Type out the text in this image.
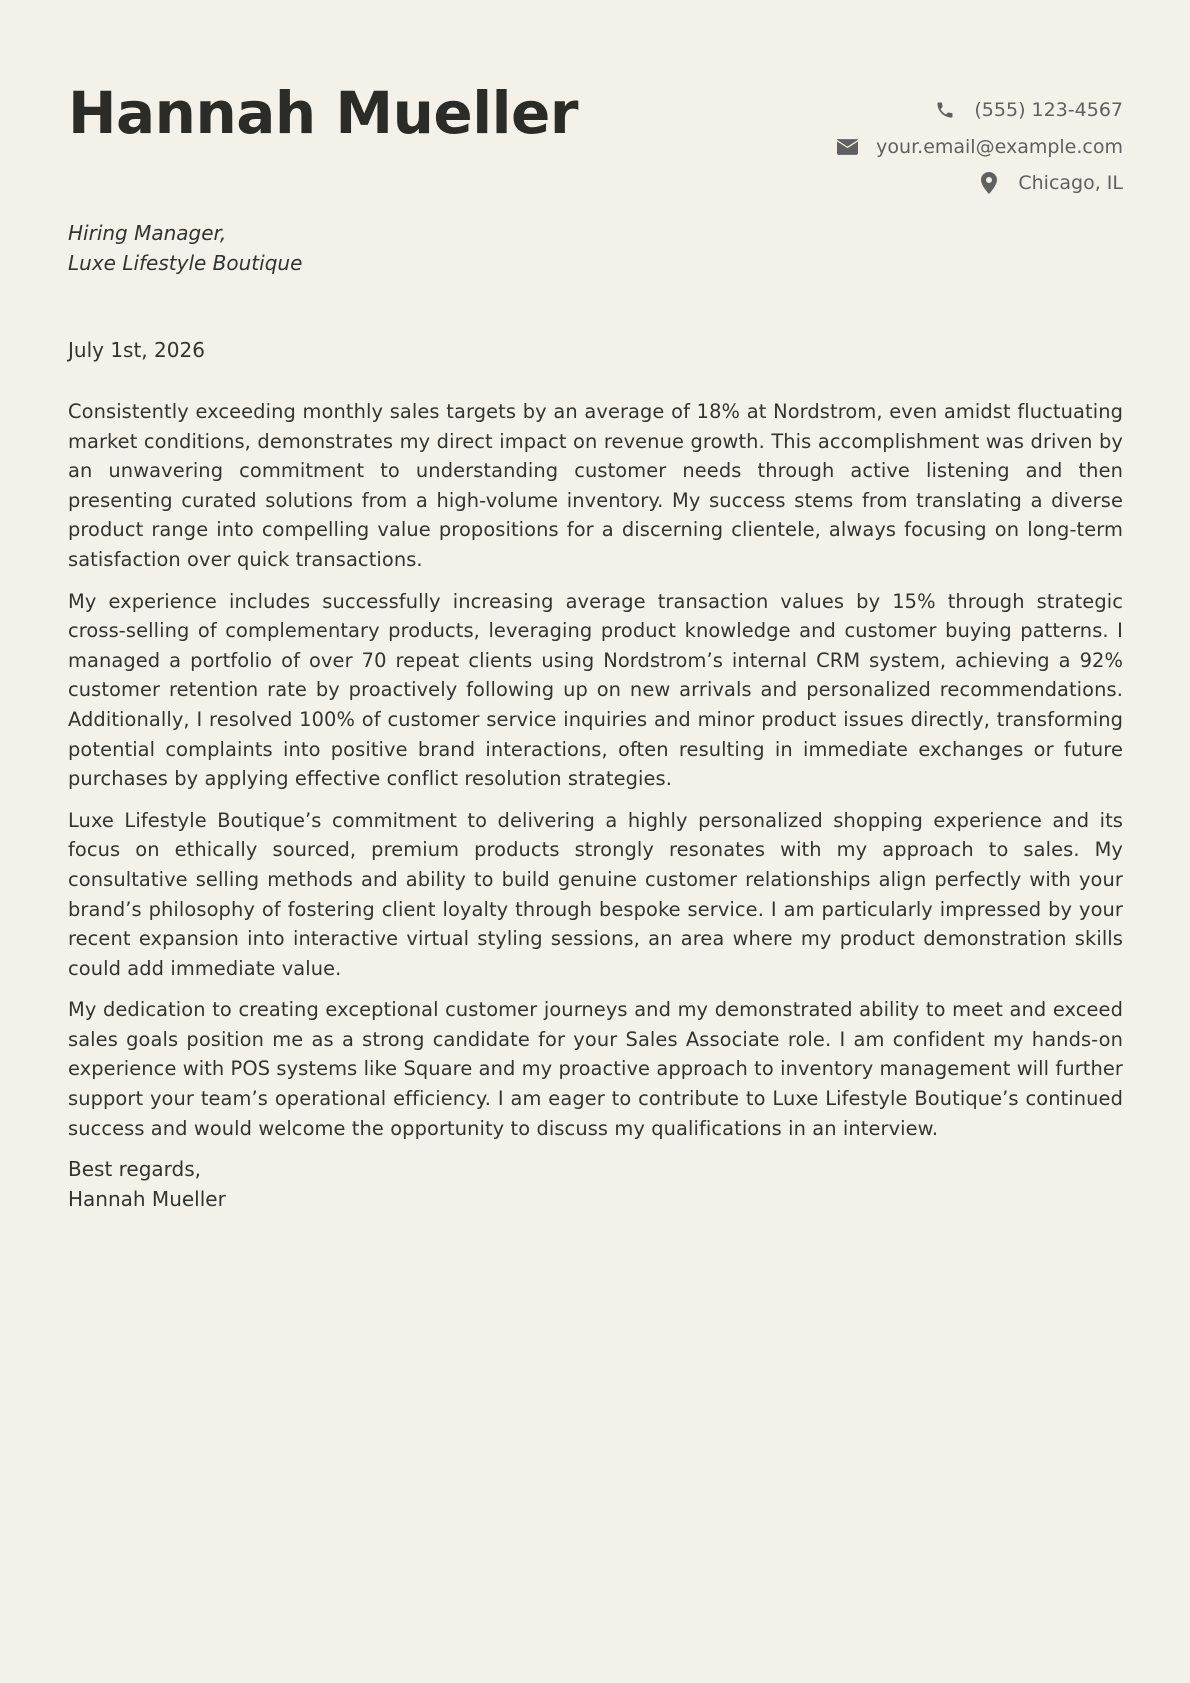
Hannah Mueller	(555) 123-4567
your.email@example.com
Chicago, IL
Hiring Manager,
Luxe Lifestyle Boutique
July 1st, 2026

Consistently exceeding monthly sales targets by an average of 18% at Nordstrom, even amidst fluctuating market conditions, demonstrates my direct impact on revenue growth. This accomplishment was driven by an unwavering commitment to understanding customer needs through active listening and then presenting curated solutions from a high-volume inventory. My success stems from translating a diverse product range into compelling value propositions for a discerning clientele, always focusing on long-term satisfaction over quick transactions.

My experience includes successfully increasing average transaction values by 15% through strategic cross-selling of complementary products, leveraging product knowledge and customer buying patterns. I managed a portfolio of over 70 repeat clients using Nordstrom’s internal CRM system, achieving a 92% customer retention rate by proactively following up on new arrivals and personalized recommendations. Additionally, I resolved 100% of customer service inquiries and minor product issues directly, transforming potential complaints into positive brand interactions, often resulting in immediate exchanges or future purchases by applying effective conflict resolution strategies.

Luxe Lifestyle Boutique’s commitment to delivering a highly personalized shopping experience and its focus on ethically sourced, premium products strongly resonates with my approach to sales. My consultative selling methods and ability to build genuine customer relationships align perfectly with your brand’s philosophy of fostering client loyalty through bespoke service. I am particularly impressed by your recent expansion into interactive virtual styling sessions, an area where my product demonstration skills could add immediate value.

My dedication to creating exceptional customer journeys and my demonstrated ability to meet and exceed sales goals position me as a strong candidate for your Sales Associate role. I am confident my hands-on experience with POS systems like Square and my proactive approach to inventory management will further support your team’s operational efficiency. I am eager to contribute to Luxe Lifestyle Boutique’s continued success and would welcome the opportunity to discuss my qualifications in an interview.

Best regards,
Hannah Mueller
